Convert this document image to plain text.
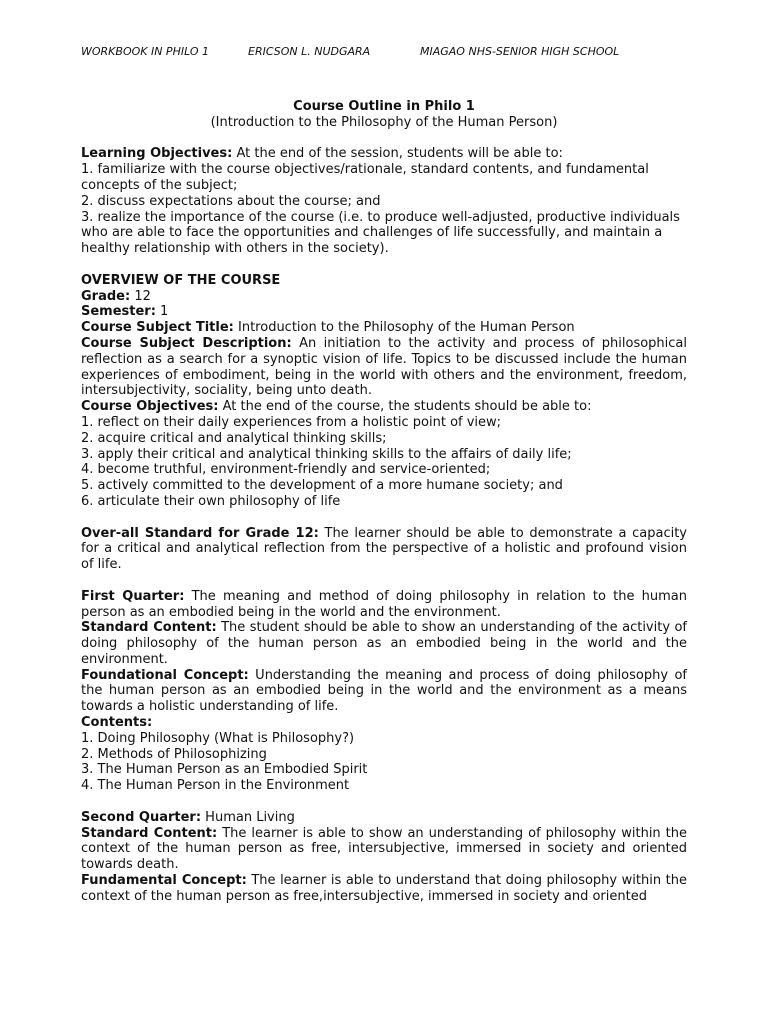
WORKBOOK IN PHILO 1	ERICSON L. NUDGARA	MIAGAO NHS-SENIOR HIGH SCHOOL
Course Outline in Philo 1
(Introduction to the Philosophy of the Human Person)

Learning Objectives: At the end of the session, students will be able to:

1. familiarize with the course objectives/rationale, standard contents, and fundamental concepts of the subject;

2. discuss expectations about the course; and

3. realize the importance of the course (i.e. to produce well-adjusted, productive individuals who are able to face the opportunities and challenges of life successfully, and maintain a healthy relationship with others in the society).

OVERVIEW OF THE COURSE

Grade: 12

Semester: 1

Course Subject Title: Introduction to the Philosophy of the Human Person

Course Subject Description: An initiation to the activity and process of philosophical reflection as a search for a synoptic vision of life. Topics to be discussed include the human experiences of embodiment, being in the world with others and the environment, freedom, intersubjectivity, sociality, being unto death.

Course Objectives: At the end of the course, the students should be able to:

1. reflect on their daily experiences from a holistic point of view;

2. acquire critical and analytical thinking skills;

3. apply their critical and analytical thinking skills to the affairs of daily life;

4. become truthful, environment-friendly and service-oriented;

5. actively committed to the development of a more humane society; and

6. articulate their own philosophy of life

Over-all Standard for Grade 12: The learner should be able to demonstrate a capacity for a critical and analytical reflection from the perspective of a holistic and profound vision of life.

First Quarter: The meaning and method of doing philosophy in relation to the human person as an embodied being in the world and the environment.

Standard Content: The student should be able to show an understanding of the activity of doing philosophy of the human person as an embodied being in the world and the environment.

Foundational Concept: Understanding the meaning and process of doing philosophy of the human person as an embodied being in the world and the environment as a means towards a holistic understanding of life.

Contents:

1. Doing Philosophy (What is Philosophy?)

2. Methods of Philosophizing

3. The Human Person as an Embodied Spirit

4. The Human Person in the Environment

Second Quarter: Human Living

Standard Content: The learner is able to show an understanding of philosophy within the context of the human person as free, intersubjective, immersed in society and oriented towards death.

Fundamental Concept: The learner is able to understand that doing philosophy within the context of the human person as free,intersubjective, immersed in society and oriented
